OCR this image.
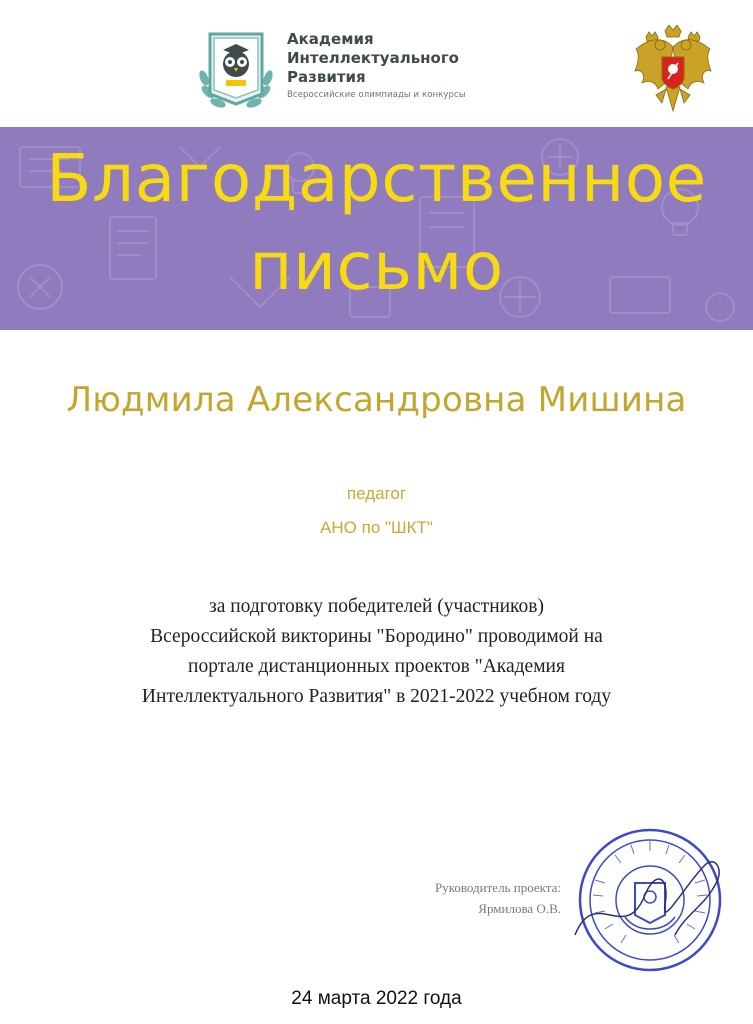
Академия
Интеллектуального
Развития
Всероссийские олимпиады и конкурсы
Благодарственное
письмо
Людмила Александровна Мишина
педагог
АНО по "ШКТ"
за подготовку победителей (участников)
Всероссийской викторины "Бородино" проводимой на
портале дистанционных проектов "Академия
Интеллектуального Развития" в 2021-2022 учебном году
Руководитель проекта:
Ярмилова О.В.
24 марта 2022 года
